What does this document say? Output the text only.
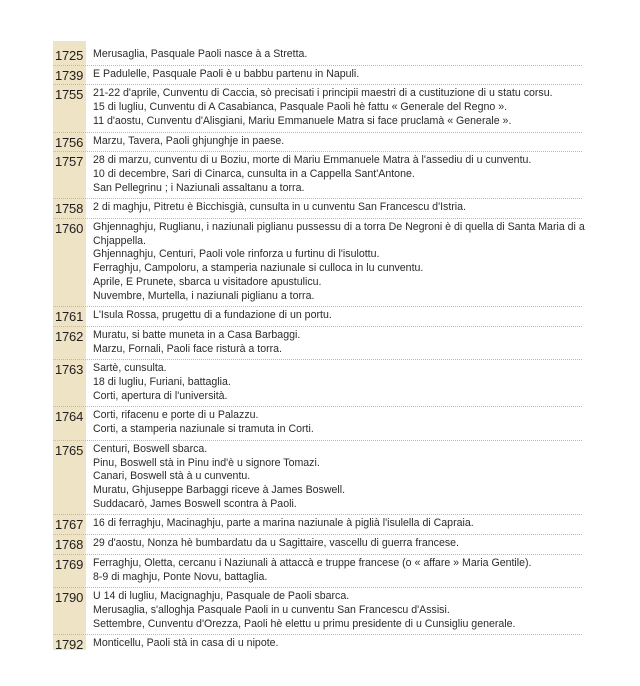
1725 Merusaglia, Pasquale Paoli nasce à a Stretta.
1739 E Padulelle, Pasquale Paoli è u babbu partenu in Napuli.
1755 21-22 d'aprile, Cunventu di Caccia, sò precisati i principii maestri di a custituzione di u statu corsu.
15 di lugliu, Cunventu di A Casabianca, Pasquale Paoli hè fattu « Generale del Regno ».
11 d'aostu, Cunventu d'Alisgiani, Mariu Emmanuele Matra si face pruclamà « Generale ».
1756 Marzu, Tavera, Paoli ghjunghje in paese.
1757 28 di marzu, cunventu di u Boziu, morte di Mariu Emmanuele Matra à l'assediu di u cunventu.
10 di decembre, Sari di Cinarca, cunsulta in a Cappella Sant'Antone.
San Pellegrinu ; i Naziunali assaltanu a torra.
1758 2 di maghju, Pitretu è Bicchisgià, cunsulta in u cunventu San Francescu d'Istria.
1760 Ghjennaghju, Ruglianu, i naziunali piglianu pussessu di a torra De Negroni è di quella di Santa Maria di a Chjappella.
Ghjennaghju, Centuri, Paoli vole rinforza u furtinu di l'isulottu.
Ferraghju, Campoloru, a stamperia naziunale si culloca in lu cunventu.
Aprile, E Prunete, sbarca u visitadore apustulicu.
Nuvembre, Murtella, i naziunali piglianu a torra.
1761 L'Isula Rossa, prugettu di a fundazione di un portu.
1762 Muratu, si batte muneta in a Casa Barbaggi.
Marzu, Fornali, Paoli face risturà a torra.
1763 Sartè, cunsulta.
18 di lugliu, Furiani, battaglia.
Corti, apertura di l'università.
1764 Corti, rifacenu e porte di u Palazzu.
Corti, a stamperia naziunale si tramuta in Corti.
1765 Centuri, Boswell sbarca.
Pinu, Boswell stà in Pinu ind'è u signore Tomazi.
Canari, Boswell stà à u cunventu.
Muratu, Ghjuseppe Barbaggi riceve à James Boswell.
Suddacarò, James Boswell scontra à Paoli.
1767 16 di ferraghju, Macinaghju, parte a marina naziunale à piglià l'isulella di Capraia.
1768 29 d'aostu, Nonza hè bumbardatu da u Sagittaire, vascellu di guerra francese.
1769 Ferraghju, Oletta, cercanu i Naziunali à attaccà e truppe francese (o « affare » Maria Gentile).
8-9 di maghju, Ponte Novu, battaglia.
1790 U 14 di lugliu, Macignaghju, Pasquale de Paoli sbarca.
Merusaglia, s'alloghja Pasquale Paoli in u cunventu San Francescu d'Assisi.
Settembre, Cunventu d'Orezza, Paoli hè elettu u primu presidente di u Cunsigliu generale.
1792 Monticellu, Paoli stà in casa di u nipote.
